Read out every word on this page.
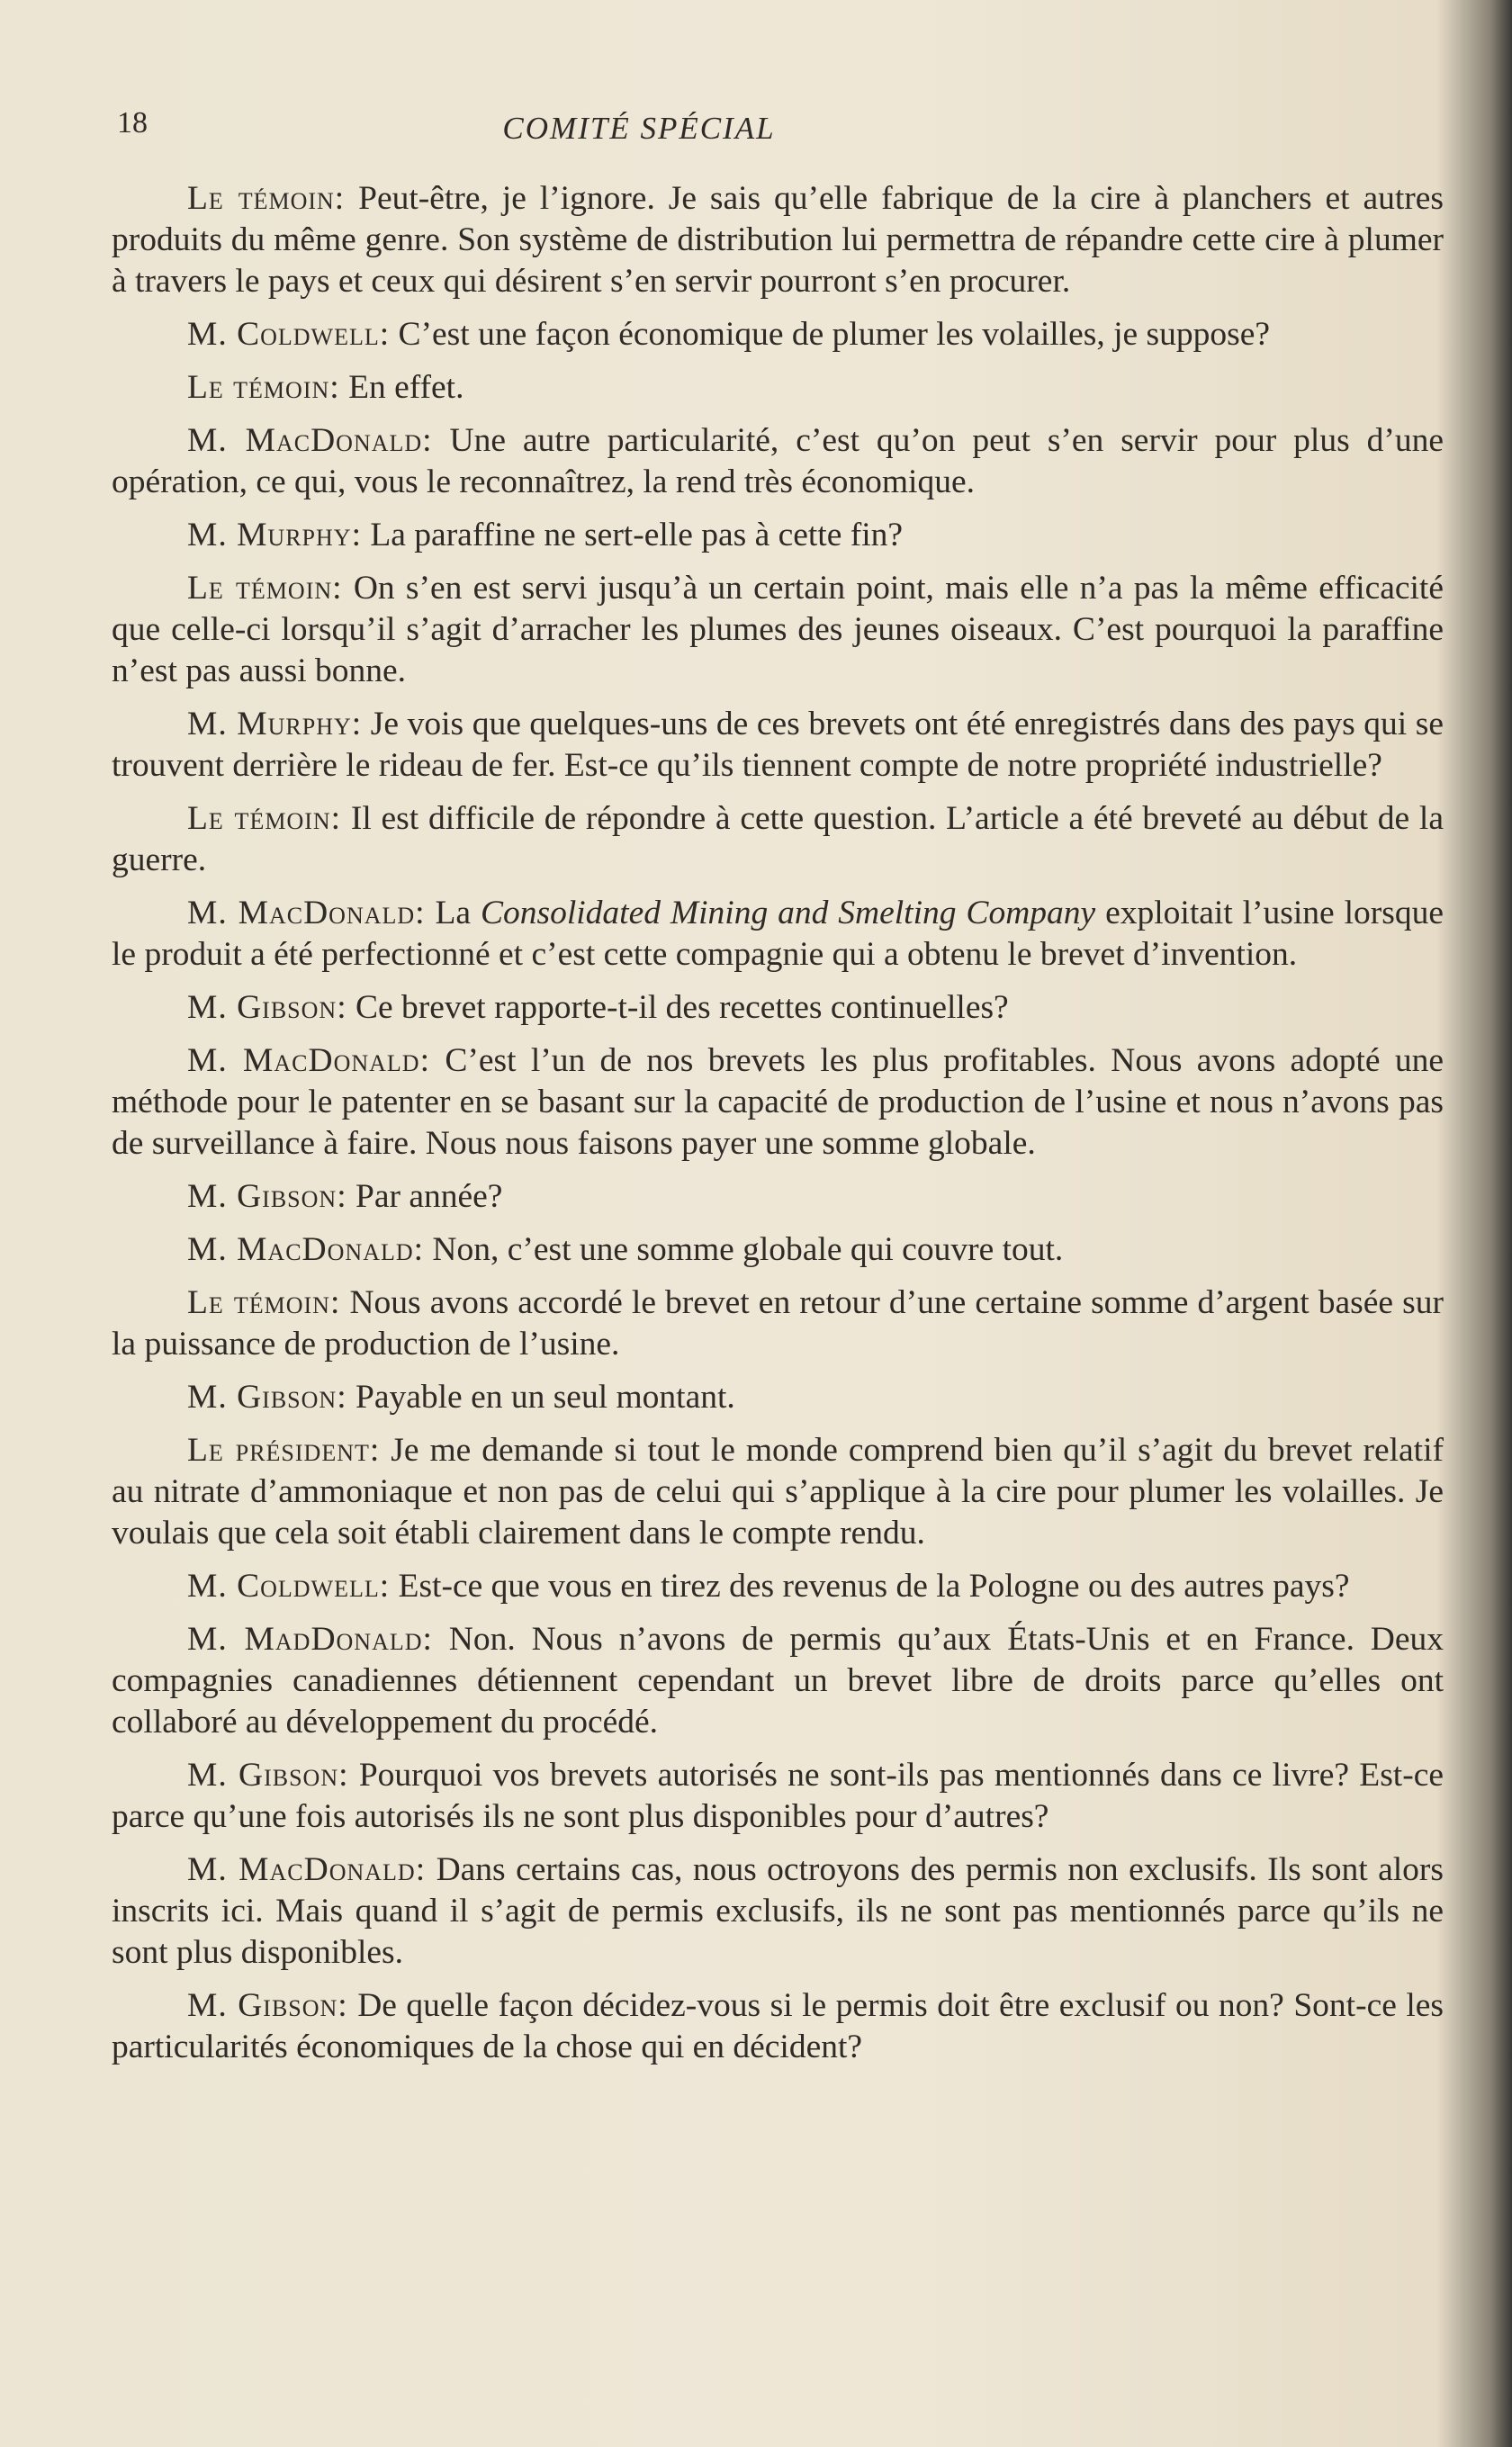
18	COMITÉ SPÉCIAL

Le témoin: Peut-être, je l’ignore. Je sais qu’elle fabrique de la cire à planchers et autres produits du même genre. Son système de distribution lui permettra de répandre cette cire à plumer à travers le pays et ceux qui désirent s’en servir pourront s’en procurer.

M. Coldwell: C’est une façon économique de plumer les volailles, je suppose?

Le témoin: En effet.

M. MacDonald: Une autre particularité, c’est qu’on peut s’en servir pour plus d’une opération, ce qui, vous le reconnaîtrez, la rend très économique.

M. Murphy: La paraffine ne sert-elle pas à cette fin?

Le témoin: On s’en est servi jusqu’à un certain point, mais elle n’a pas la même efficacité que celle-ci lorsqu’il s’agit d’arracher les plumes des jeunes oiseaux. C’est pourquoi la paraffine n’est pas aussi bonne.

M. Murphy: Je vois que quelques-uns de ces brevets ont été enregistrés dans des pays qui se trouvent derrière le rideau de fer. Est-ce qu’ils tiennent compte de notre propriété industrielle?

Le témoin: Il est difficile de répondre à cette question. L’article a été breveté au début de la guerre.

M. MacDonald: La Consolidated Mining and Smelting Company exploitait l’usine lorsque le produit a été perfectionné et c’est cette compagnie qui a obtenu le brevet d’invention.

M. Gibson: Ce brevet rapporte-t-il des recettes continuelles?

M. MacDonald: C’est l’un de nos brevets les plus profitables. Nous avons adopté une méthode pour le patenter en se basant sur la capacité de production de l’usine et nous n’avons pas de surveillance à faire. Nous nous faisons payer une somme globale.

M. Gibson: Par année?

M. MacDonald: Non, c’est une somme globale qui couvre tout.

Le témoin: Nous avons accordé le brevet en retour d’une certaine somme d’argent basée sur la puissance de production de l’usine.

M. Gibson: Payable en un seul montant.

Le président: Je me demande si tout le monde comprend bien qu’il s’agit du brevet relatif au nitrate d’ammoniaque et non pas de celui qui s’applique à la cire pour plumer les volailles. Je voulais que cela soit établi clairement dans le compte rendu.

M. Coldwell: Est-ce que vous en tirez des revenus de la Pologne ou des autres pays?

M. MadDonald: Non. Nous n’avons de permis qu’aux États-Unis et en France. Deux compagnies canadiennes détiennent cependant un brevet libre de droits parce qu’elles ont collaboré au développement du procédé.

M. Gibson: Pourquoi vos brevets autorisés ne sont-ils pas mentionnés dans ce livre? Est-ce parce qu’une fois autorisés ils ne sont plus disponibles pour d’autres?

M. MacDonald: Dans certains cas, nous octroyons des permis non exclusifs. Ils sont alors inscrits ici. Mais quand il s’agit de permis exclusifs, ils ne sont pas mentionnés parce qu’ils ne sont plus disponibles.

M. Gibson: De quelle façon décidez-vous si le permis doit être exclusif ou non? Sont-ce les particularités économiques de la chose qui en décident?
